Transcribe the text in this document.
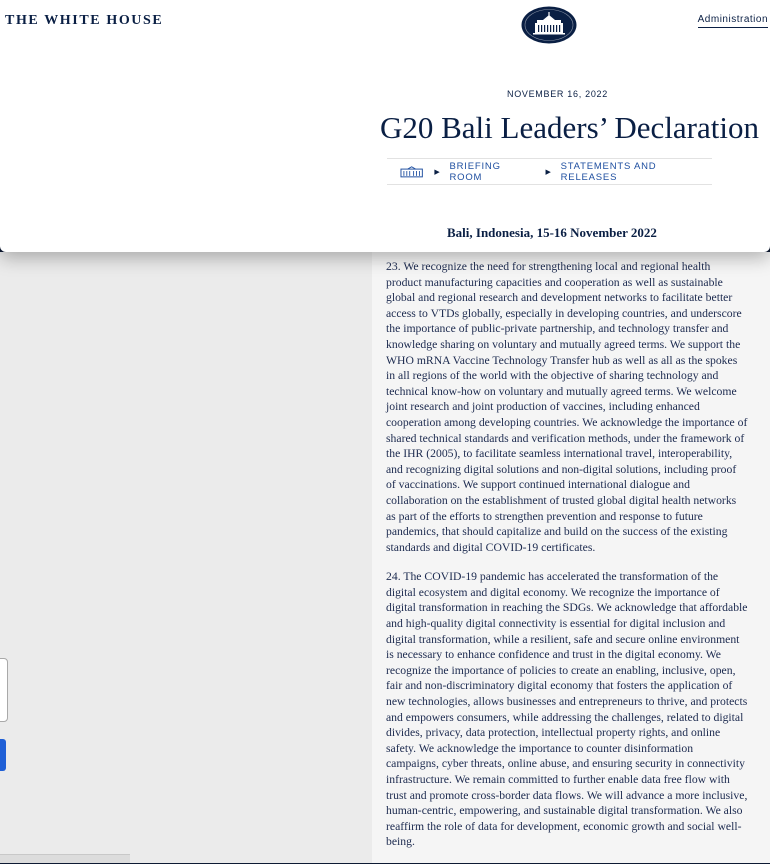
THE WHITE HOUSE	Administration
NOVEMBER 16, 2022
G20 Bali Leaders’ Declaration
▶
BRIEFING ROOM	▶
STATEMENTS AND RELEASES
Bali, Indonesia, 15-16 November 2022

23. We recognize the need for strengthening local and regional health product manufacturing capacities and cooperation as well as sustainable global and regional research and development networks to facilitate better access to VTDs globally, especially in developing countries, and underscore the importance of public-private partnership, and technology transfer and knowledge sharing on voluntary and mutually agreed terms. We support the WHO mRNA Vaccine Technology Transfer hub as well as all as the spokes in all regions of the world with the objective of sharing technology and technical know-how on voluntary and mutually agreed terms. We welcome joint research and joint production of vaccines, including enhanced cooperation among developing countries. We acknowledge the importance of shared technical standards and verification methods, under the framework of the IHR (2005), to facilitate seamless international travel, interoperability, and recognizing digital solutions and non-digital solutions, including proof of vaccinations. We support continued international dialogue and collaboration on the establishment of trusted global digital health networks as part of the efforts to strengthen prevention and response to future pandemics, that should capitalize and build on the success of the existing standards and digital COVID-19 certificates.

24. The COVID-19 pandemic has accelerated the transformation of the digital ecosystem and digital economy. We recognize the importance of digital transformation in reaching the SDGs. We acknowledge that affordable and high-quality digital connectivity is essential for digital inclusion and digital transformation, while a resilient, safe and secure online environment is necessary to enhance confidence and trust in the digital economy. We recognize the importance of policies to create an enabling, inclusive, open, fair and non-discriminatory digital economy that fosters the application of new technologies, allows businesses and entrepreneurs to thrive, and protects and empowers consumers, while addressing the challenges, related to digital divides, privacy, data protection, intellectual property rights, and online safety. We acknowledge the importance to counter disinformation campaigns, cyber threats, online abuse, and ensuring security in connectivity infrastructure. We remain committed to further enable data free flow with trust and promote cross-border data flows. We will advance a more inclusive, human-centric, empowering, and sustainable digital transformation. We also reaffirm the role of data for development, economic growth and social well-being.
